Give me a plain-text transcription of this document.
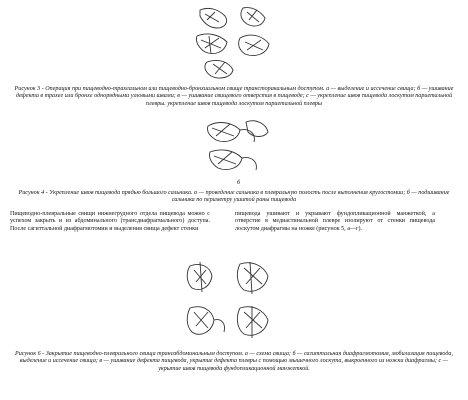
Рисунок 3 - Операция при пищеводно-трахеальном или пищеводно-бронхиальном свище трансторакальным доступом. а — выделение и иссечение свища; б — ушивание дефекта в трахее или бронхе однорядными узловыми швами; в — ушивание свищевого отверстия в пищеводе; с — укрепление швов пищевода лоскутом париетальной плевры. укрепление швов пищевода лоскутом париетальной плевры

б

Рисунок 4 - Укрепление швов пищевода прядью большого сальника. а — проведение сальника в плевральную полость после выполнения кругостомии; б — подшивание сальника по периметру ушитой раны пищевода

Пищеводно-плевральные свищи нижнегрудного отдела пищевода можно с успехом закрыть и из абдоминального (трансдиафрагмального) доступа. После сагиттальной диафрагмотомии и выделения свища дефект стенки

пищевода ушивают и укрывают фундопликационной манжеткой, а отверстие в медиастинальной плевре изолируют от стенки пищевода лоскутом диафрагмы на ножке (рисунок 5, а—г).

Рисунок 6 - Закрытие пищеводно-плеврального свища трансабдоминальным доступом. а — схема свища; б — сагиттальная диафрагмотомия, мобилизация пищевода, выделение и иссечение свища; в — ушивание дефекта пищевода, укрытие дефекта плевры с помощью мышечного лоскута, выкроенного из ножки диафрагмы; с — укрытие швов пищевода фундопликационной манжеткой.
